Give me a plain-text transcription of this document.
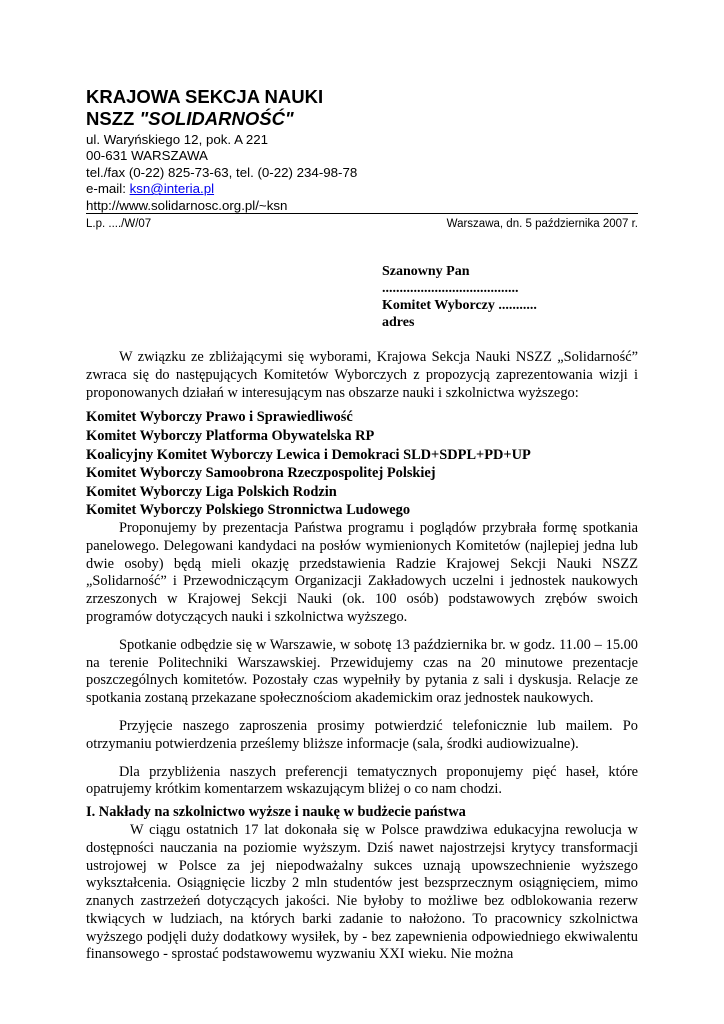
KRAJOWA SEKCJA NAUKI

NSZZ "SOLIDARNOŚĆ"

ul. Waryńskiego 12, pok. A 221

00-631 WARSZAWA

tel./fax (0-22) 825-73-63, tel. (0-22) 234-98-78

e-mail: ksn@interia.pl

http://www.solidarnosc.org.pl/~ksn

L.p. ..../W/07	Warszawa, dn. 5 października 2007 r.

Szanowny Pan

.......................................

Komitet Wyborczy ...........

adres

W związku ze zbliżającymi się wyborami, Krajowa Sekcja Nauki NSZZ „Solidarność” zwraca się do następujących Komitetów Wyborczych z propozycją zaprezentowania wizji i proponowanych działań w interesującym nas obszarze nauki i szkolnictwa wyższego:

Komitet Wyborczy Prawo i Sprawiedliwość
Komitet Wyborczy Platforma Obywatelska RP
Koalicyjny Komitet Wyborczy Lewica i Demokraci SLD+SDPL+PD+UP
Komitet Wyborczy Samoobrona Rzeczpospolitej Polskiej
Komitet Wyborczy Liga Polskich Rodzin
Komitet Wyborczy Polskiego Stronnictwa Ludowego

Proponujemy by prezentacja Państwa programu i poglądów przybrała formę spotkania panelowego. Delegowani kandydaci na posłów wymienionych Komitetów (najlepiej jedna lub dwie osoby) będą mieli okazję przedstawienia Radzie Krajowej Sekcji Nauki NSZZ „Solidarność” i Przewodniczącym Organizacji Zakładowych uczelni i jednostek naukowych zrzeszonych w Krajowej Sekcji Nauki (ok. 100 osób) podstawowych zrębów swoich programów dotyczących nauki i szkolnictwa wyższego.

Spotkanie odbędzie się w Warszawie, w sobotę 13 października br. w godz. 11.00 – 15.00 na terenie Politechniki Warszawskiej. Przewidujemy czas na 20 minutowe prezentacje poszczególnych komitetów. Pozostały czas wypełniły by pytania z sali i dyskusja. Relacje ze spotkania zostaną przekazane społecznościom akademickim oraz jednostek naukowych.

Przyjęcie naszego zaproszenia prosimy potwierdzić telefonicznie lub mailem. Po otrzymaniu potwierdzenia prześlemy bliższe informacje (sala, środki audiowizualne).

Dla przybliżenia naszych preferencji tematycznych proponujemy pięć haseł, które opatrujemy krótkim komentarzem wskazującym bliżej o co nam chodzi.

I. Nakłady na szkolnictwo wyższe i naukę w budżecie państwa

W ciągu ostatnich 17 lat dokonała się w Polsce prawdziwa edukacyjna rewolucja w dostępności nauczania na poziomie wyższym. Dziś nawet najostrzejsi krytycy transformacji ustrojowej w Polsce za jej niepodważalny sukces uznają upowszechnienie wyższego wykształcenia. Osiągnięcie liczby 2 mln studentów jest bezsprzecznym osiągnięciem, mimo znanych zastrzeżeń dotyczących jakości. Nie byłoby to możliwe bez odblokowania rezerw tkwiących w ludziach, na których barki zadanie to nałożono. To pracownicy szkolnictwa wyższego podjęli duży dodatkowy wysiłek, by - bez zapewnienia odpowiedniego ekwiwalentu finansowego - sprostać podstawowemu wyzwaniu XXI wieku. Nie można
